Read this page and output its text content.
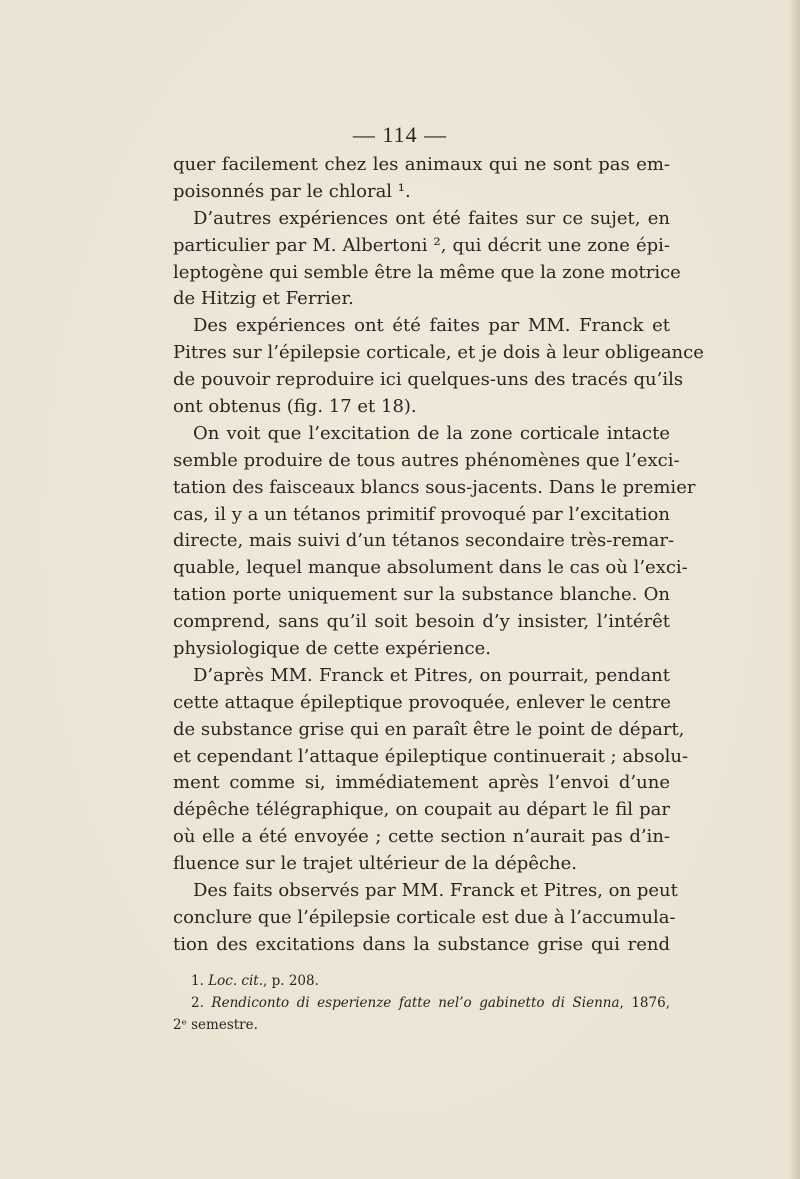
— 114 —
quer facilement chez les animaux qui ne sont pas em-
poisonnés par le chloral ¹.
D’autres expériences ont été faites sur ce sujet, en
particulier par M. Albertoni ², qui décrit une zone épi-
leptogène qui semble être la même que la zone motrice
de Hitzig et Ferrier.
Des expériences ont été faites par MM. Franck et
Pitres sur l’épilepsie corticale, et je dois à leur obligeance
de pouvoir reproduire ici quelques-uns des tracés qu’ils
ont obtenus (fig. 17 et 18).
On voit que l’excitation de la zone corticale intacte
semble produire de tous autres phénomènes que l’exci-
tation des faisceaux blancs sous-jacents. Dans le premier
cas, il y a un tétanos primitif provoqué par l’excitation
directe, mais suivi d’un tétanos secondaire très-remar-
quable, lequel manque absolument dans le cas où l’exci-
tation porte uniquement sur la substance blanche. On
comprend, sans qu’il soit besoin d’y insister, l’intérêt
physiologique de cette expérience.
D’après MM. Franck et Pitres, on pourrait, pendant
cette attaque épileptique provoquée, enlever le centre
de substance grise qui en paraît être le point de départ,
et cependant l’attaque épileptique continuerait ; absolu-
ment comme si, immédiatement après l’envoi d’une
dépêche télégraphique, on coupait au départ le fil par
où elle a été envoyée ; cette section n’aurait pas d’in-
fluence sur le trajet ultérieur de la dépêche.
Des faits observés par MM. Franck et Pitres, on peut
conclure que l’épilepsie corticale est due à l’accumula-
tion des excitations dans la substance grise qui rend
1. Loc. cit., p. 208.
2. Rendiconto di esperienze fatte nel’o gabinetto di Sienna, 1876,
2ᵉ semestre.
